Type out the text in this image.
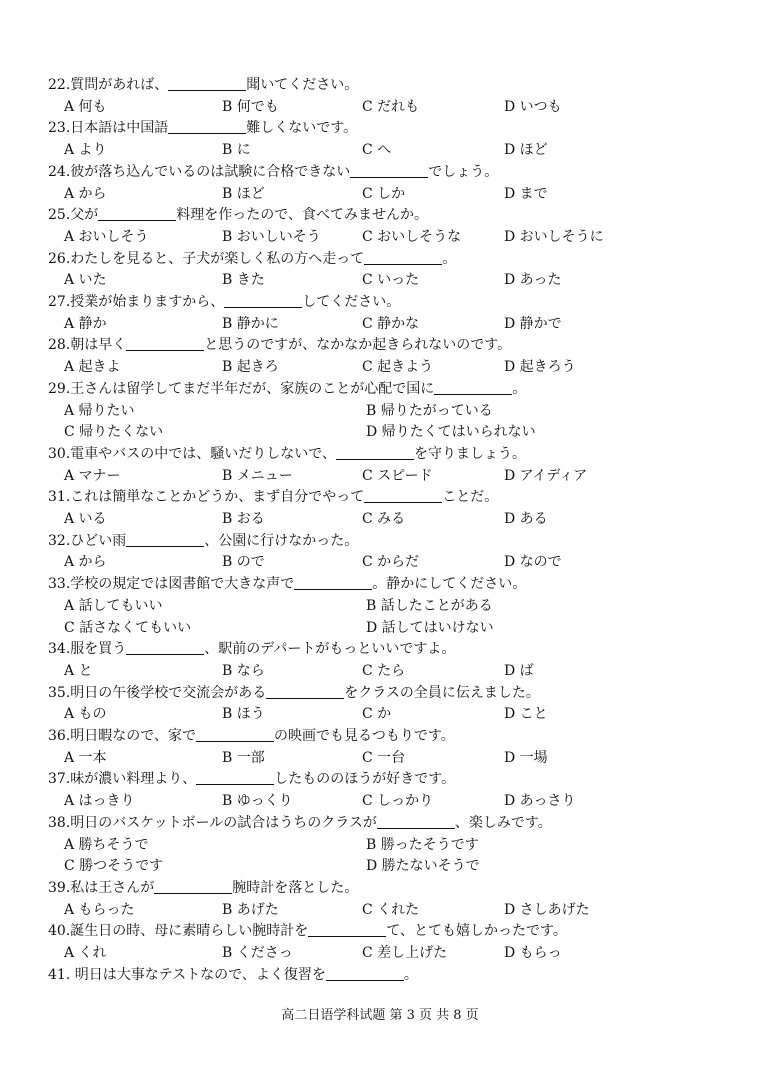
22.質問があれば、	聞いてください。
A 何も	B 何でも	C だれも	D いつも
23.日本語は中国語	難しくないです。
A より	B に	C へ	D ほど
24.彼が落ち込んでいるのは試験に合格できない	でしょう。
A から	B ほど	C しか	D まで
25.父が	料理を作ったので、食べてみませんか。
A おいしそう	B おいしいそう	C おいしそうな	D おいしそうに
26.わたしを見ると、子犬が楽しく私の方へ走って	。
A いた	B きた	C いった	D あった
27.授業が始まりますから、	してください。
A 静か	B 静かに	C 静かな	D 静かで
28.朝は早く	と思うのですが、なかなか起きられないのです。
A 起きよ	B 起きろ	C 起きよう	D 起きろう
29.王さんは留学してまだ半年だが、家族のことが心配で国に	。
A 帰りたい	B 帰りたがっている
C 帰りたくない	D 帰りたくてはいられない
30.電車やバスの中では、騒いだりしないで、	を守りましょう。
A マナー	B メニュー	C スピード	D アイディア
31.これは簡単なことかどうか、まず自分でやって	ことだ。
A いる	B おる	C みる	D ある
32.ひどい雨	、公園に行けなかった。
A から	B ので	C からだ	D なので
33.学校の規定では図書館で大きな声で	。静かにしてください。
A 話してもいい	B 話したことがある
C 話さなくてもいい	D 話してはいけない
34.服を買う	、駅前のデパートがもっといいですよ。
A と	B なら	C たら	D ば
35.明日の午後学校で交流会がある	をクラスの全員に伝えました。
A もの	B ほう	C か	D こと
36.明日暇なので、家で	の映画でも見るつもりです。
A 一本	B 一部	C 一台	D 一場
37.味が濃い料理より、	したもののほうが好きです。
A はっきり	B ゆっくり	C しっかり	D あっさり
38.明日のバスケットボールの試合はうちのクラスが	、楽しみです。
A 勝ちそうで	B 勝ったそうです
C 勝つそうです	D 勝たないそうで
39.私は王さんが	腕時計を落とした。
A もらった	B あげた	C くれた	D さしあげた
40.誕生日の時、母に素晴らしい腕時計を	て、とても嬉しかったです。
A くれ	B くださっ	C 差し上げた	D もらっ
41. 明日は大事なテストなので、よく復習を	。
高二日语学科试题 第 3 页 共 8 页
